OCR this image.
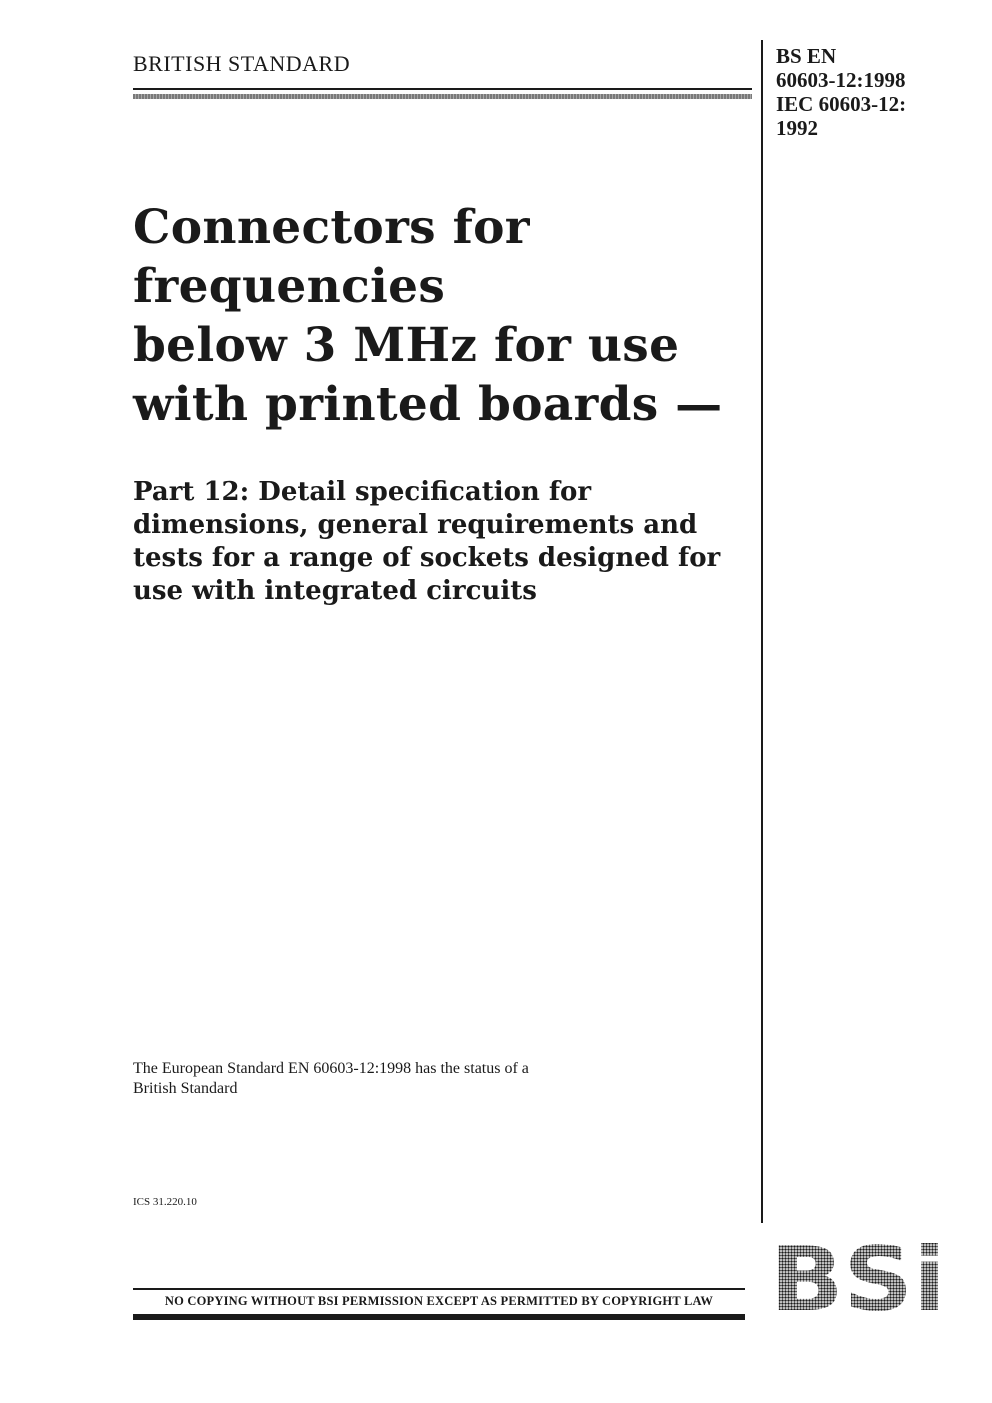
BRITISH STANDARD	BS EN
60603-12:1998
IEC 60603-12:
1992
Connectors for
frequencies
below 3 MHz for use
with printed boards —
Part 12: Detail specification for
dimensions, general requirements and
tests for a range of sockets designed for
use with integrated circuits
The European Standard EN 60603-12:1998 has the status of a
British Standard
ICS 31.220.10
NO COPYING WITHOUT BSI PERMISSION EXCEPT AS PERMITTED BY COPYRIGHT LAW BSi
